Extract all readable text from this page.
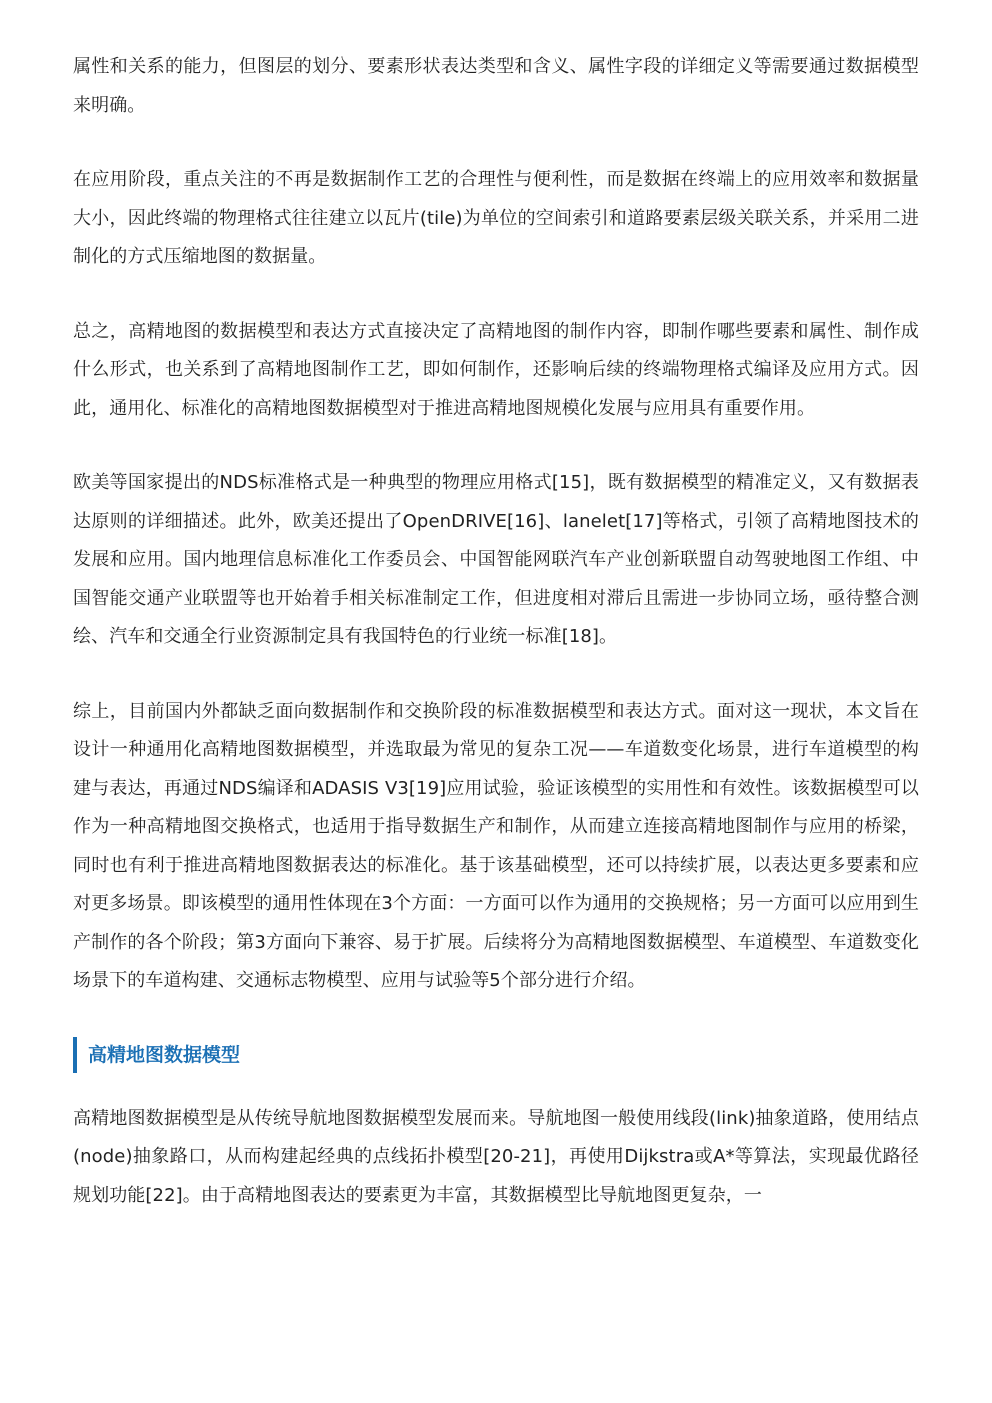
属性和关系的能力，但图层的划分、要素形状表达类型和含义、属性字段的详细定义等需要通过数据模型来明确。

在应用阶段，重点关注的不再是数据制作工艺的合理性与便利性，而是数据在终端上的应用效率和数据量大小，因此终端的物理格式往往建立以瓦片(tile)为单位的空间索引和道路要素层级关联关系，并采用二进制化的方式压缩地图的数据量。

总之，高精地图的数据模型和表达方式直接决定了高精地图的制作内容，即制作哪些要素和属性、制作成什么形式，也关系到了高精地图制作工艺，即如何制作，还影响后续的终端物理格式编译及应用方式。因此，通用化、标准化的高精地图数据模型对于推进高精地图规模化发展与应用具有重要作用。

欧美等国家提出的NDS标准格式是一种典型的物理应用格式[15]，既有数据模型的精准定义，又有数据表达原则的详细描述。此外，欧美还提出了OpenDRIVE[16]、lanelet[17]等格式，引领了高精地图技术的发展和应用。国内地理信息标准化工作委员会、中国智能网联汽车产业创新联盟自动驾驶地图工作组、中国智能交通产业联盟等也开始着手相关标准制定工作，但进度相对滞后且需进一步协同立场，亟待整合测绘、汽车和交通全行业资源制定具有我国特色的行业统一标准[18]。

综上，目前国内外都缺乏面向数据制作和交换阶段的标准数据模型和表达方式。面对这一现状，本文旨在设计一种通用化高精地图数据模型，并选取最为常见的复杂工况——车道数变化场景，进行车道模型的构建与表达，再通过NDS编译和ADASIS V3[19]应用试验，验证该模型的实用性和有效性。该数据模型可以作为一种高精地图交换格式，也适用于指导数据生产和制作，从而建立连接高精地图制作与应用的桥梁，同时也有利于推进高精地图数据表达的标准化。基于该基础模型，还可以持续扩展，以表达更多要素和应对更多场景。即该模型的通用性体现在3个方面：一方面可以作为通用的交换规格；另一方面可以应用到生产制作的各个阶段；第3方面向下兼容、易于扩展。后续将分为高精地图数据模型、车道模型、车道数变化场景下的车道构建、交通标志物模型、应用与试验等5个部分进行介绍。

高精地图数据模型

高精地图数据模型是从传统导航地图数据模型发展而来。导航地图一般使用线段(link)抽象道路，使用结点(node)抽象路口，从而构建起经典的点线拓扑模型[20-21]，再使用Dijkstra或A*等算法，实现最优路径规划功能[22]。由于高精地图表达的要素更为丰富，其数据模型比导航地图更复杂，一
